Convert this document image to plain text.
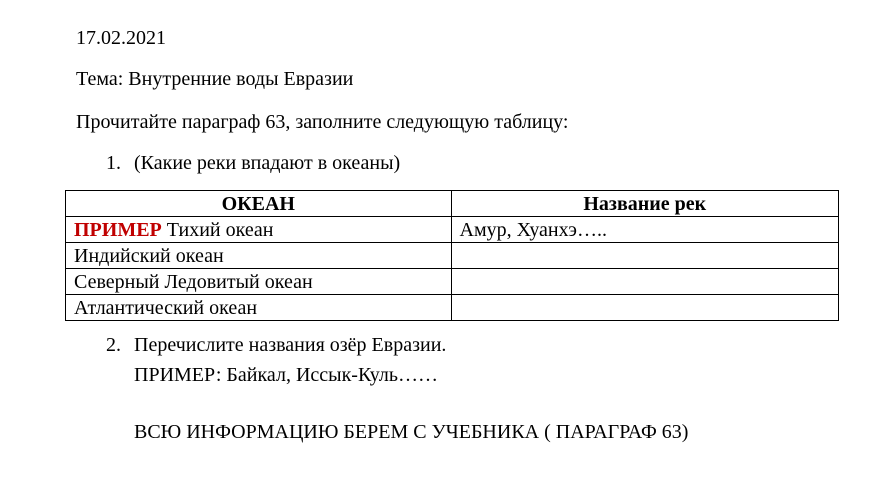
17.02.2021
Тема: Внутренние воды Евразии
Прочитайте параграф 63, заполните следующую таблицу:
1. (Какие реки впадают в океаны)
ОКЕАН	Название рек
ПРИМЕР Тихий океан	Амур, Хуанхэ…..
Индийский океан	
Северный Ледовитый океан	
Атлантический океан	
2. Перечислите названия озёр Евразии.
ПРИМЕР: Байкал, Иссык-Куль……
ВСЮ ИНФОРМАЦИЮ БЕРЕМ С УЧЕБНИКА ( ПАРАГРАФ 63)
